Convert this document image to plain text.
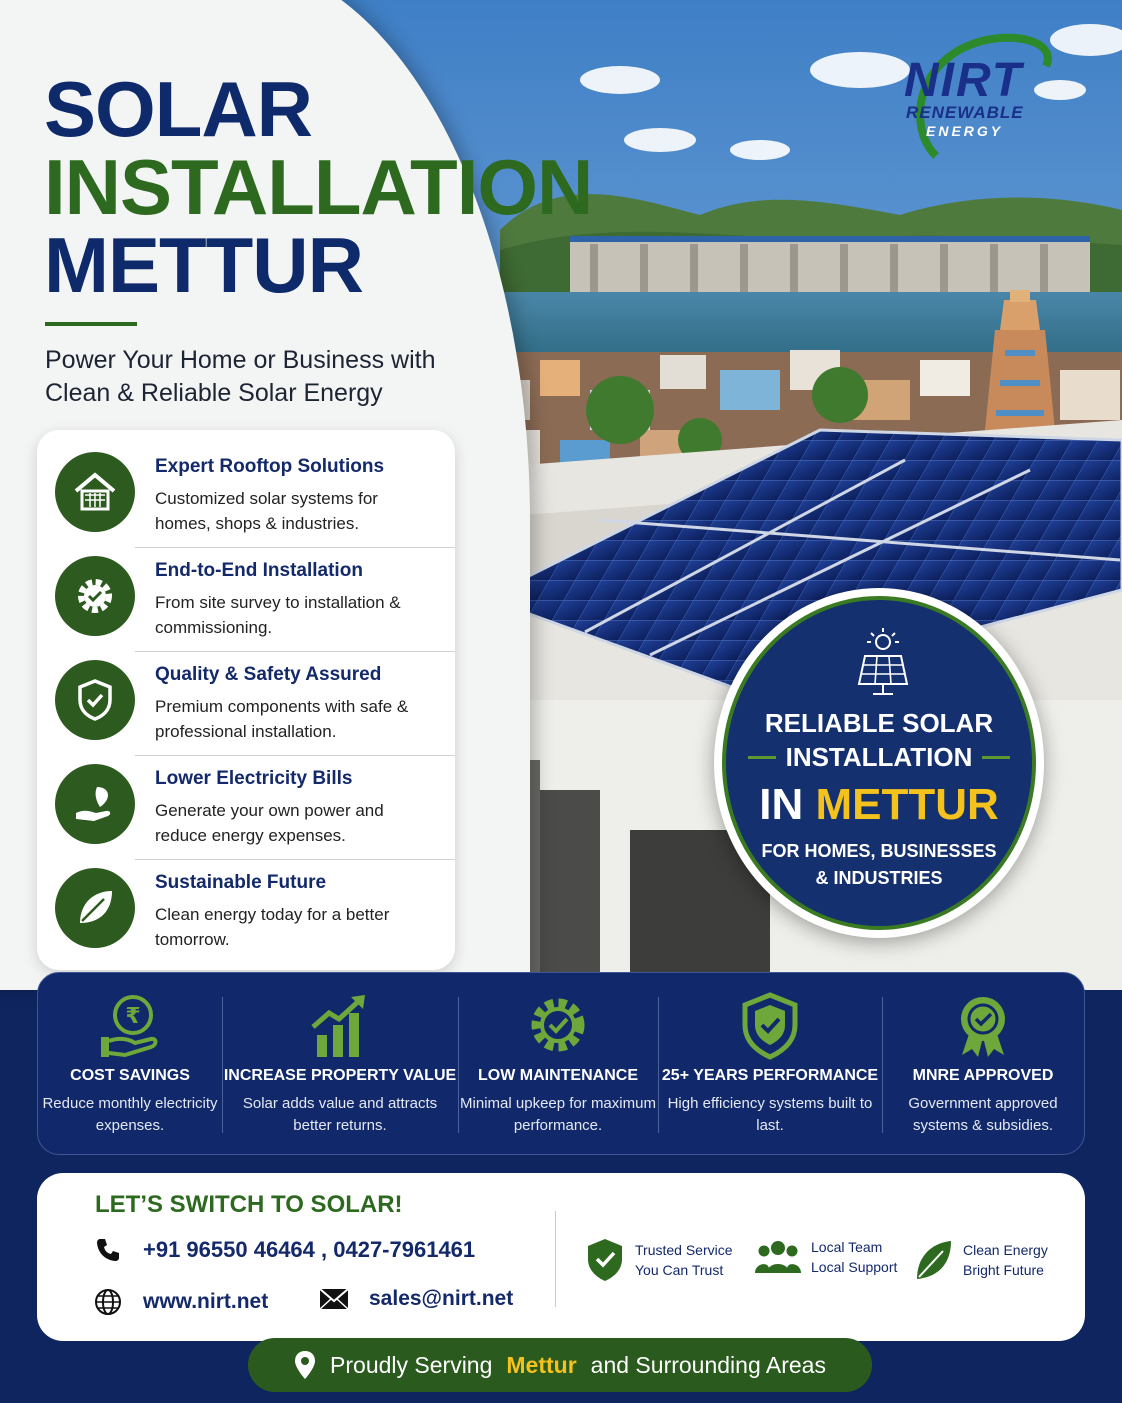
SOLAR
INSTALLATION
METTUR
Power Your Home or Business with Clean & Reliable Solar Energy
Expert Rooftop Solutions
Customized solar systems for homes, shops & industries.
End-to-End Installation
From site survey to installation & commissioning.
Quality & Safety Assured
Premium components with safe & professional installation.
Lower Electricity Bills
Generate your own power and reduce energy expenses.
Sustainable Future
Clean energy today for a better tomorrow.
NIRT
RENEWABLE
ENERGY
RELIABLE SOLAR
INSTALLATION
IN METTUR
FOR HOMES, BUSINESSES & INDUSTRIES
₹
COST SAVINGS
Reduce monthly electricity expenses.
INCREASE PROPERTY VALUE
Solar adds value and attracts better returns.
LOW MAINTENANCE
Minimal upkeep for maximum performance.
25+ YEARS PERFORMANCE
High efficiency systems built to last.
MNRE APPROVED
Government approved systems & subsidies.
LET’S SWITCH TO SOLAR!
+91 96550 46464 , 0427-7961461
www.nirt.net	sales@nirt.net
Trusted Service
You Can Trust
Local Team
Local Support
Clean Energy
Bright Future
Proudly Serving Mettur and Surrounding Areas
